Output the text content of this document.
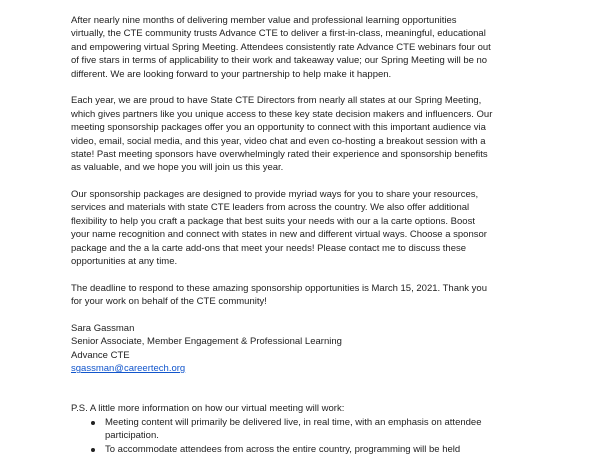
After nearly nine months of delivering member value and professional learning opportunities
virtually, the CTE community trusts Advance CTE to deliver a first-in-class, meaningful, educational
and empowering virtual Spring Meeting. Attendees consistently rate Advance CTE webinars four out
of five stars in terms of applicability to their work and takeaway value; our Spring Meeting will be no
different. We are looking forward to your partnership to help make it happen.
Each year, we are proud to have State CTE Directors from nearly all states at our Spring Meeting,
which gives partners like you unique access to these key state decision makers and influencers. Our
meeting sponsorship packages offer you an opportunity to connect with this important audience via
video, email, social media, and this year, video chat and even co-hosting a breakout session with a
state! Past meeting sponsors have overwhelmingly rated their experience and sponsorship benefits
as valuable, and we hope you will join us this year.
Our sponsorship packages are designed to provide myriad ways for you to share your resources,
services and materials with state CTE leaders from across the country. We also offer additional
flexibility to help you craft a package that best suits your needs with our a la carte options. Boost
your name recognition and connect with states in new and different virtual ways. Choose a sponsor
package and the a la carte add-ons that meet your needs! Please contact me to discuss these
opportunities at any time.
The deadline to respond to these amazing sponsorship opportunities is March 15, 2021. Thank you
for your work on behalf of the CTE community!
Sara Gassman
Senior Associate, Member Engagement & Professional Learning
Advance CTE
sgassman@careertech.org
P.S. A little more information on how our virtual meeting will work:
Meeting content will primarily be delivered live, in real time, with an emphasis on attendee
participation.
To accommodate attendees from across the entire country, programming will be held
